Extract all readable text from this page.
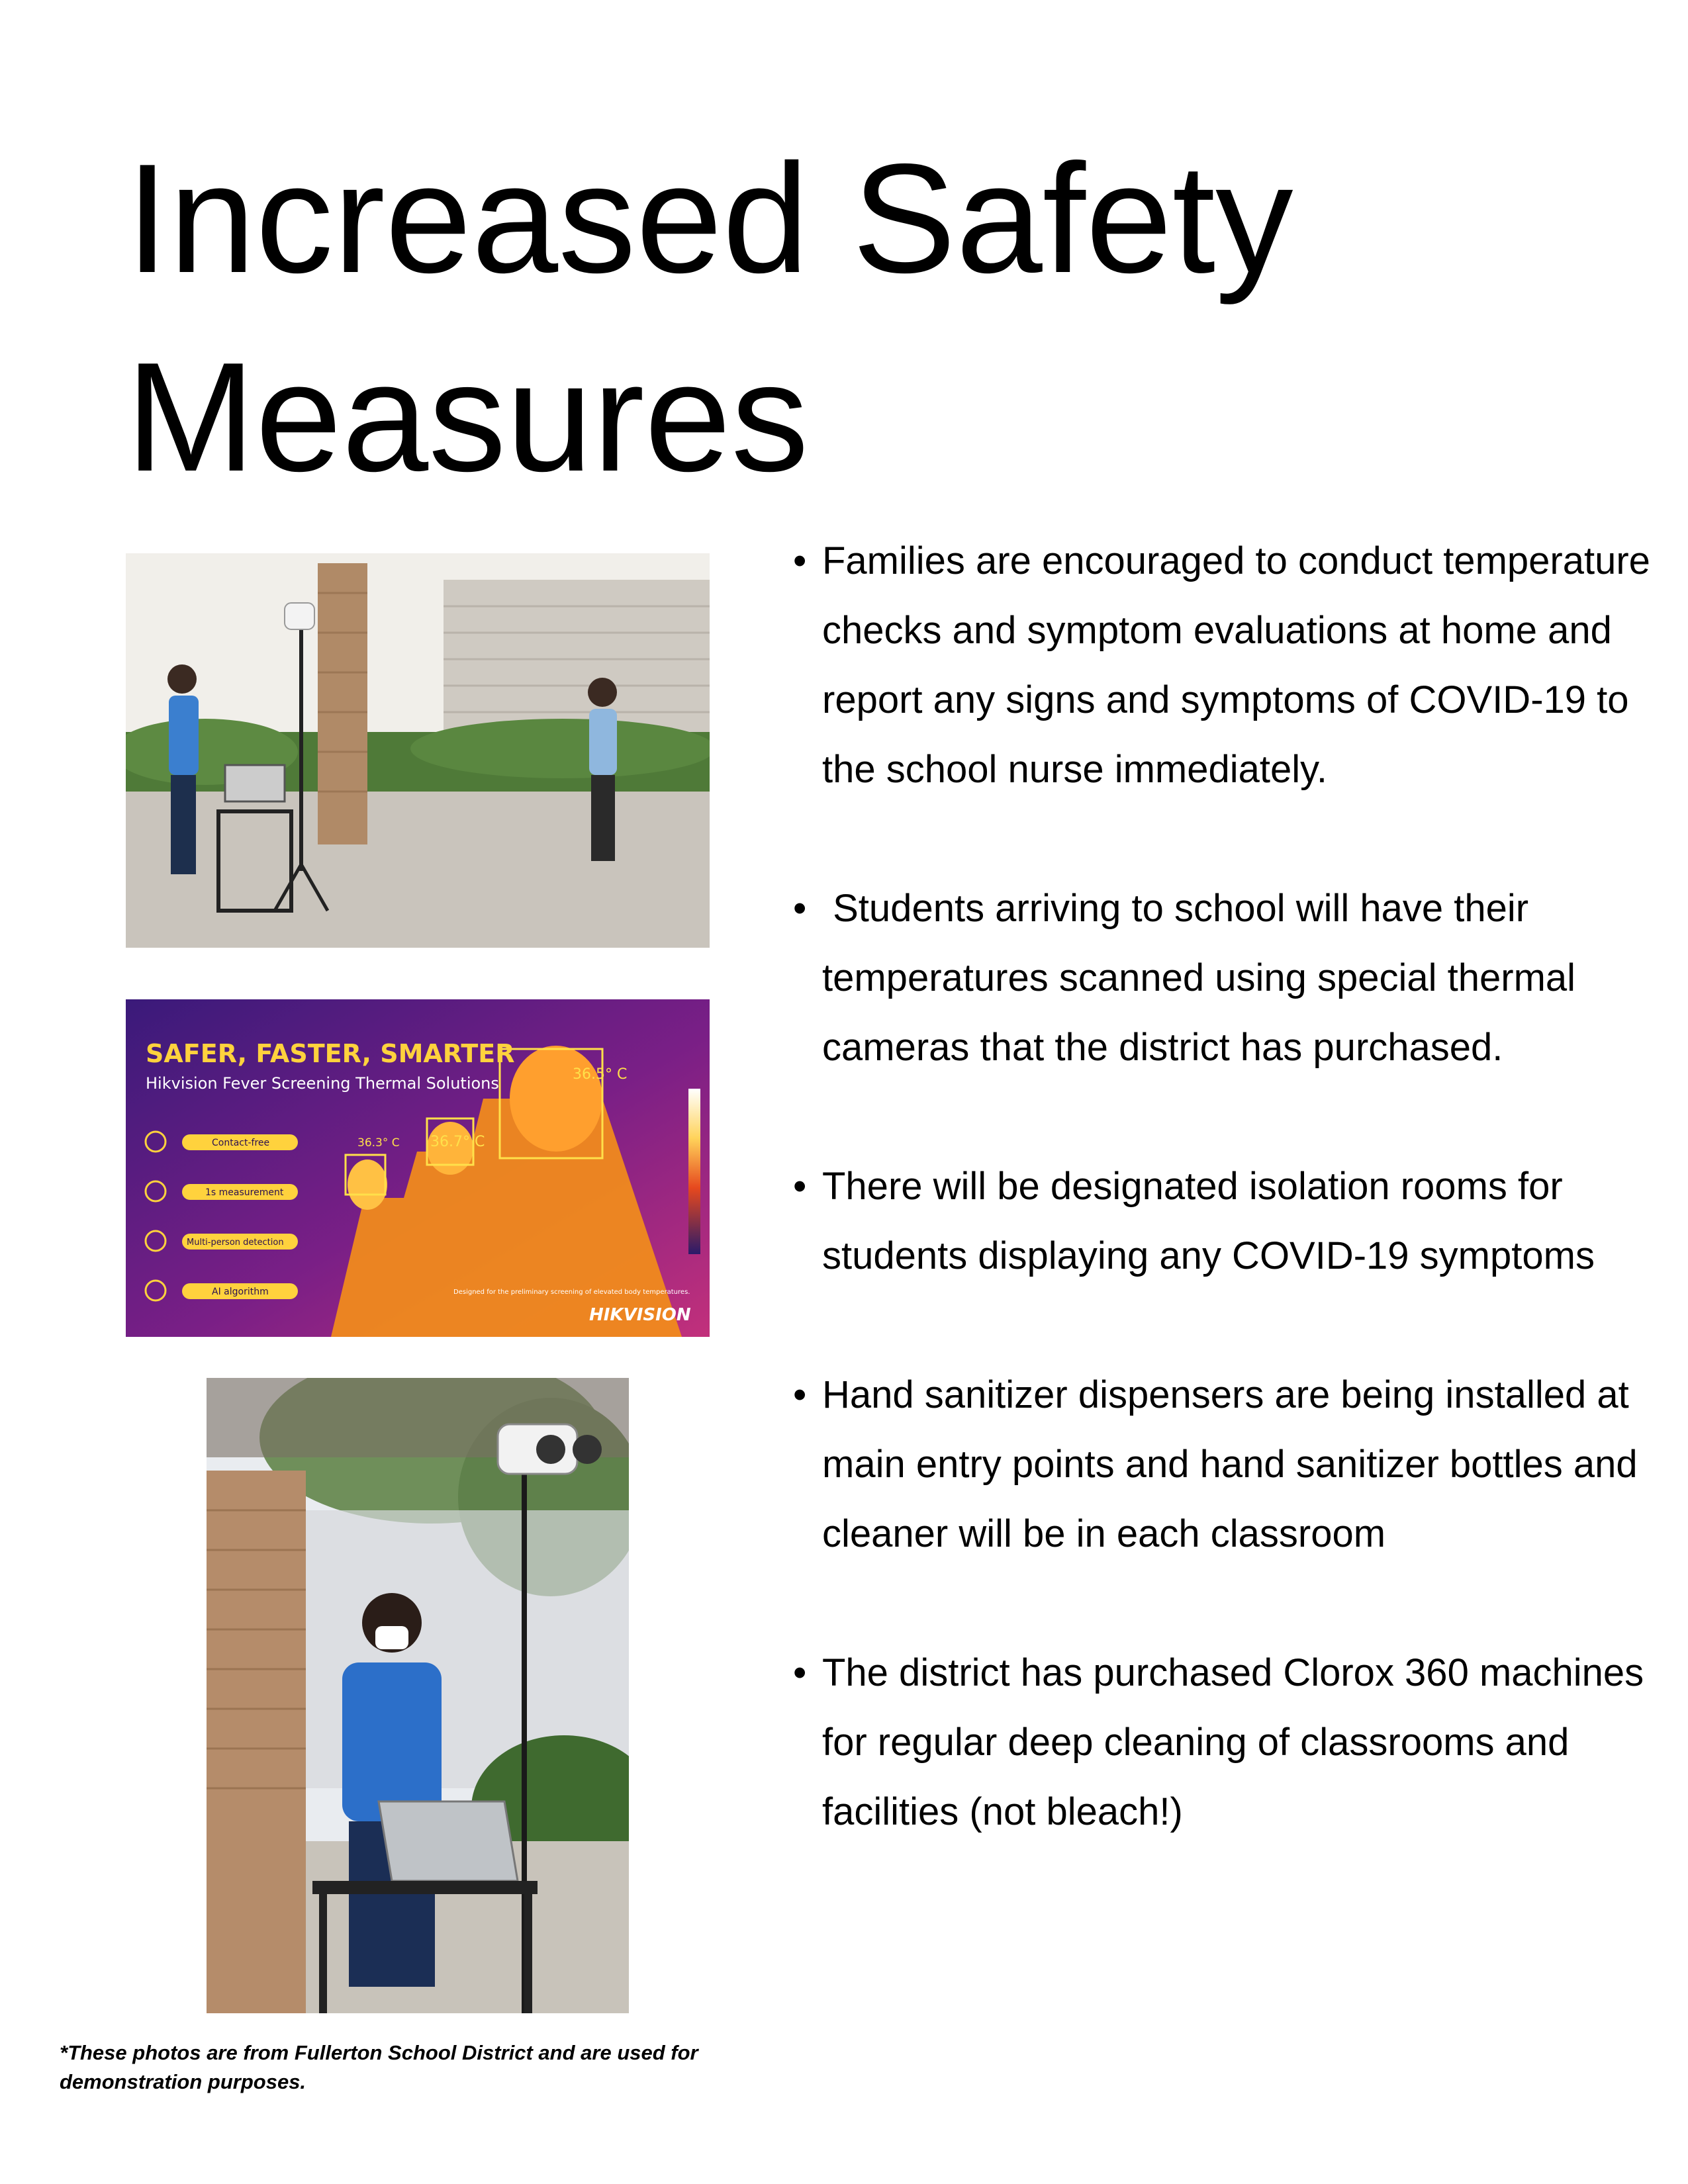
Increased Safety
Measures
SAFER, FASTER, SMARTER
Hikvision Fever Screening Thermal Solutions
36.3° C 36.7° C
36.5° C
Contact-free
1s measurement
Multi-person detection
AI algorithm	Designed for the preliminary screening of elevated body temperatures.
HIKVISION
• Families are encouraged to conduct temperature checks and symptom evaluations at home and report any signs and symptoms of COVID-19 to the school nurse immediately.
• Students arriving to school will have their temperatures scanned using special thermal cameras that the district has purchased.
• There will be designated isolation rooms for students displaying any COVID-19 symptoms
• Hand sanitizer dispensers are being installed at main entry points and hand sanitizer bottles and cleaner will be in each classroom
• The district has purchased Clorox 360 machines for regular deep cleaning of classrooms and facilities (not bleach!)
*These photos are from Fullerton School District and are used for demonstration purposes.
